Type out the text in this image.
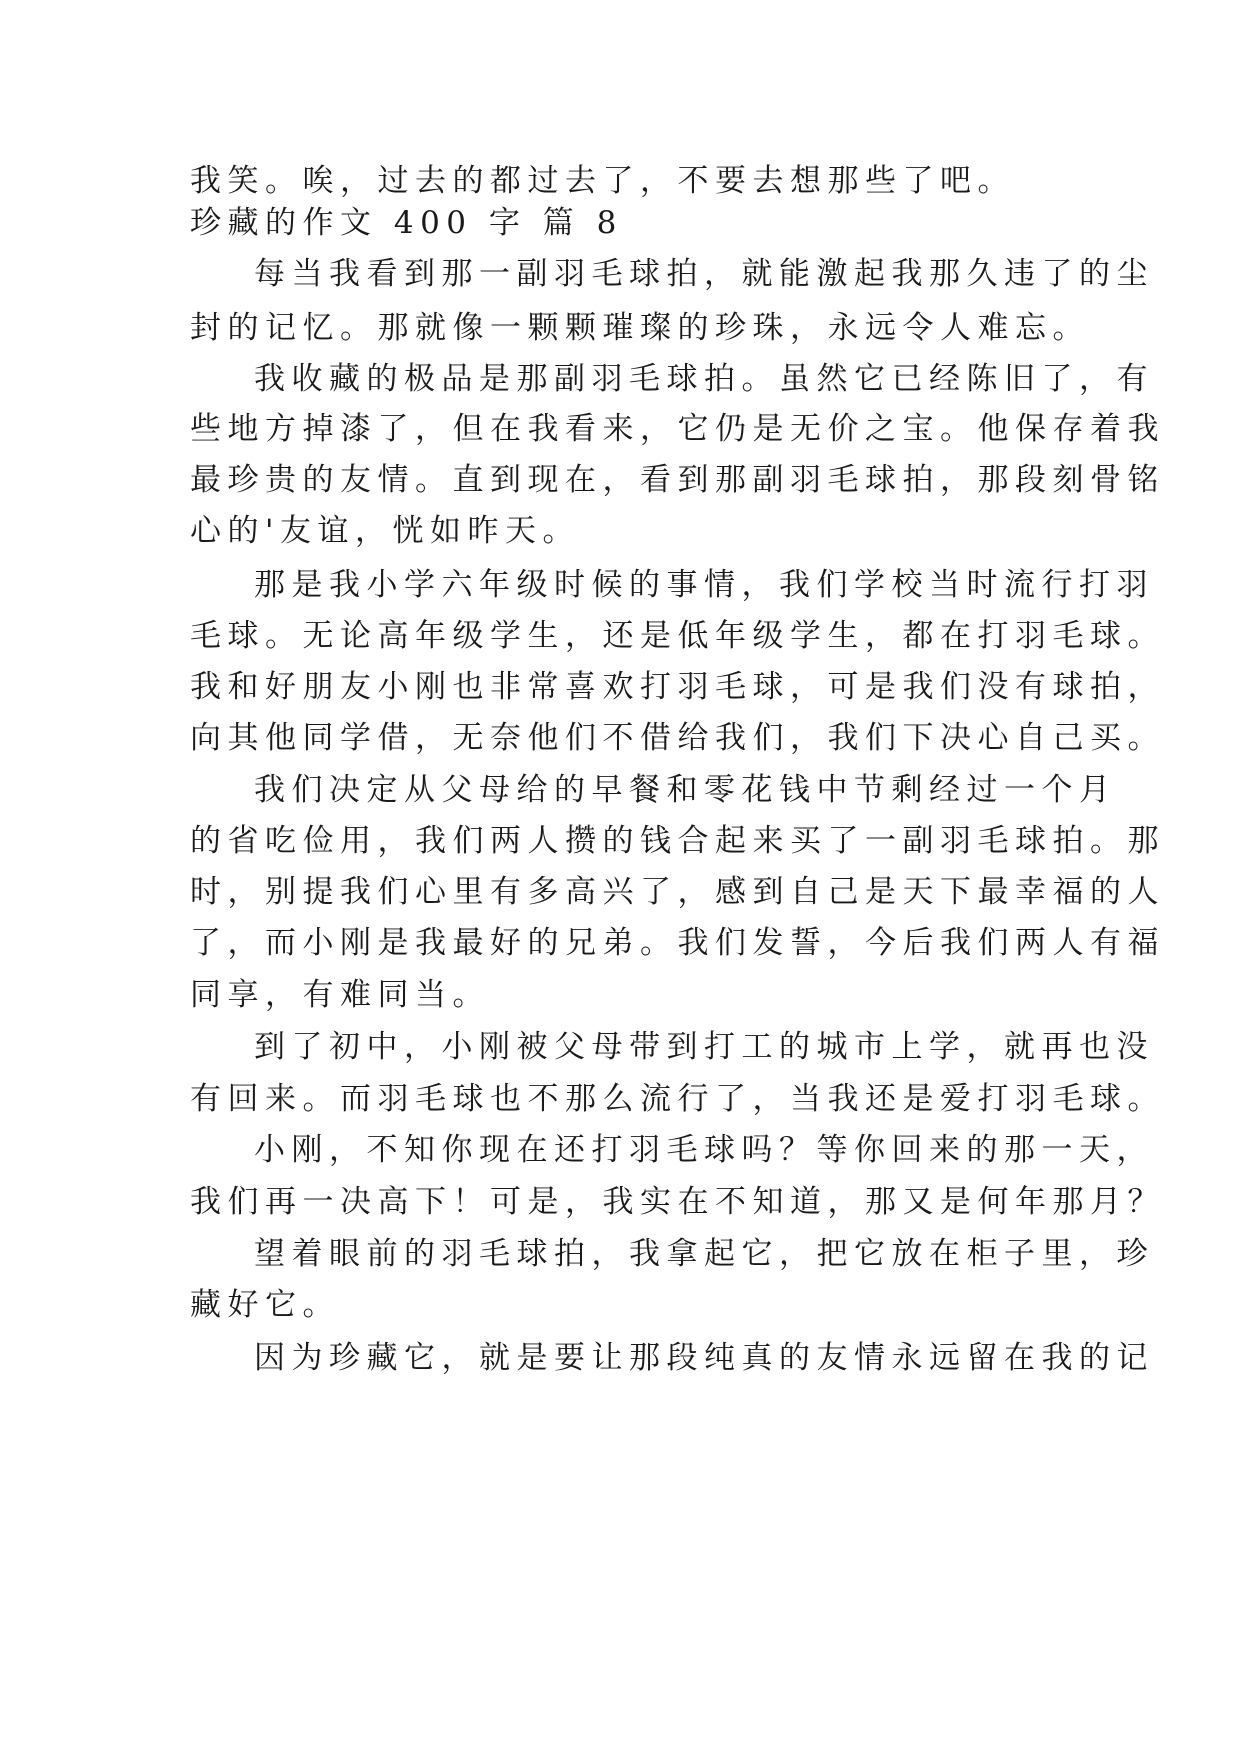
我笑。唉，过去的都过去了，不要去想那些了吧。
珍藏的作文 400 字 篇 8
每当我看到那一副羽毛球拍，就能激起我那久违了的尘
封的记忆。那就像一颗颗璀璨的珍珠，永远令人难忘。
我收藏的极品是那副羽毛球拍。虽然它已经陈旧了，有
些地方掉漆了，但在我看来，它仍是无价之宝。他保存着我
最珍贵的友情。直到现在，看到那副羽毛球拍，那段刻骨铭
心的'友谊，恍如昨天。
那是我小学六年级时候的事情，我们学校当时流行打羽
毛球。无论高年级学生，还是低年级学生，都在打羽毛球。
我和好朋友小刚也非常喜欢打羽毛球，可是我们没有球拍，
向其他同学借，无奈他们不借给我们，我们下决心自己买。
我们决定从父母给的早餐和零花钱中节剩经过一个月
的省吃俭用，我们两人攒的钱合起来买了一副羽毛球拍。那
时，别提我们心里有多高兴了，感到自己是天下最幸福的人
了，而小刚是我最好的兄弟。我们发誓，今后我们两人有福
同享，有难同当。
到了初中，小刚被父母带到打工的城市上学，就再也没
有回来。而羽毛球也不那么流行了，当我还是爱打羽毛球。
小刚，不知你现在还打羽毛球吗？等你回来的那一天，
我们再一决高下！可是，我实在不知道，那又是何年那月？
望着眼前的羽毛球拍，我拿起它，把它放在柜子里，珍
藏好它。
因为珍藏它，就是要让那段纯真的友情永远留在我的记
